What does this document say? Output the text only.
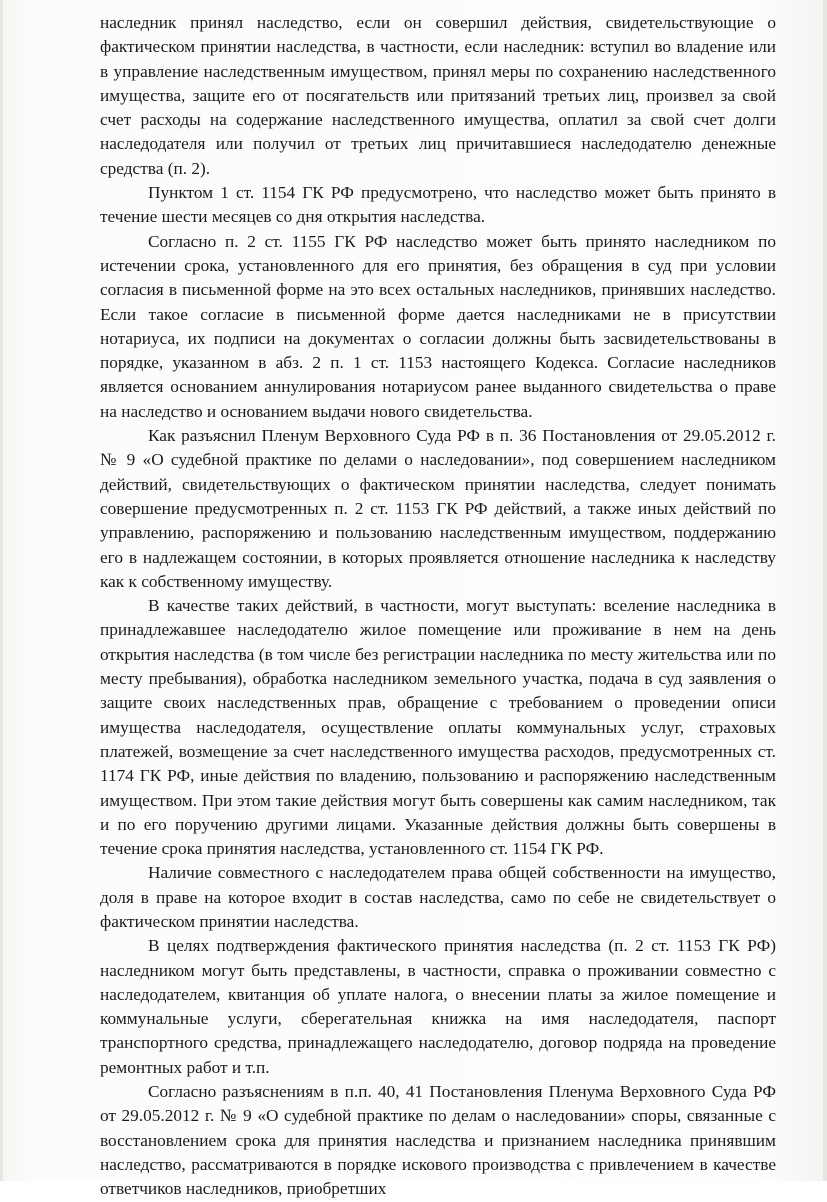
наследник принял наследство, если он совершил действия, свидетельствующие о фактическом принятии наследства, в частности, если наследник: вступил во владение или в управление наследственным имуществом, принял меры по сохранению наследственного имущества, защите его от посягательств или притязаний третьих лиц, произвел за свой счет расходы на содержание наследственного имущества, оплатил за свой счет долги наследодателя или получил от третьих лиц причитавшиеся наследодателю денежные средства (п. 2).

Пунктом 1 ст. 1154 ГК РФ предусмотрено, что наследство может быть принято в течение шести месяцев со дня открытия наследства.

Согласно п. 2 ст. 1155 ГК РФ наследство может быть принято наследником по истечении срока, установленного для его принятия, без обращения в суд при условии согласия в письменной форме на это всех остальных наследников, принявших наследство. Если такое согласие в письменной форме дается наследниками не в присутствии нотариуса, их подписи на документах о согласии должны быть засвидетельствованы в порядке, указанном в абз. 2 п. 1 ст. 1153 настоящего Кодекса. Согласие наследников является основанием аннулирования нотариусом ранее выданного свидетельства о праве на наследство и основанием выдачи нового свидетельства.

Как разъяснил Пленум Верховного Суда РФ в п. 36 Постановления от 29.05.2012 г. № 9 «О судебной практике по делами о наследовании», под совершением наследником действий, свидетельствующих о фактическом принятии наследства, следует понимать совершение предусмотренных п. 2 ст. 1153 ГК РФ действий, а также иных действий по управлению, распоряжению и пользованию наследственным имуществом, поддержанию его в надлежащем состоянии, в которых проявляется отношение наследника к наследству как к собственному имуществу.

В качестве таких действий, в частности, могут выступать: вселение наследника в принадлежавшее наследодателю жилое помещение или проживание в нем на день открытия наследства (в том числе без регистрации наследника по месту жительства или по месту пребывания), обработка наследником земельного участка, подача в суд заявления о защите своих наследственных прав, обращение с требованием о проведении описи имущества наследодателя, осуществление оплаты коммунальных услуг, страховых платежей, возмещение за счет наследственного имущества расходов, предусмотренных ст. 1174 ГК РФ, иные действия по владению, пользованию и распоряжению наследственным имуществом. При этом такие действия могут быть совершены как самим наследником, так и по его поручению другими лицами. Указанные действия должны быть совершены в течение срока принятия наследства, установленного ст. 1154 ГК РФ.

Наличие совместного с наследодателем права общей собственности на имущество, доля в праве на которое входит в состав наследства, само по себе не свидетельствует о фактическом принятии наследства.

В целях подтверждения фактического принятия наследства (п. 2 ст. 1153 ГК РФ) наследником могут быть представлены, в частности, справка о проживании совместно с наследодателем, квитанция об уплате налога, о внесении платы за жилое помещение и коммунальные услуги, сберегательная книжка на имя наследодателя, паспорт транспортного средства, принадлежащего наследодателю, договор подряда на проведение ремонтных работ и т.п.

Согласно разъяснениям в п.п. 40, 41 Постановления Пленума Верховного Суда РФ от 29.05.2012 г. № 9 «О судебной практике по делам о наследовании» споры, связанные с восстановлением срока для принятия наследства и признанием наследника принявшим наследство, рассматриваются в порядке искового производства с привлечением в качестве ответчиков наследников, приобретших
